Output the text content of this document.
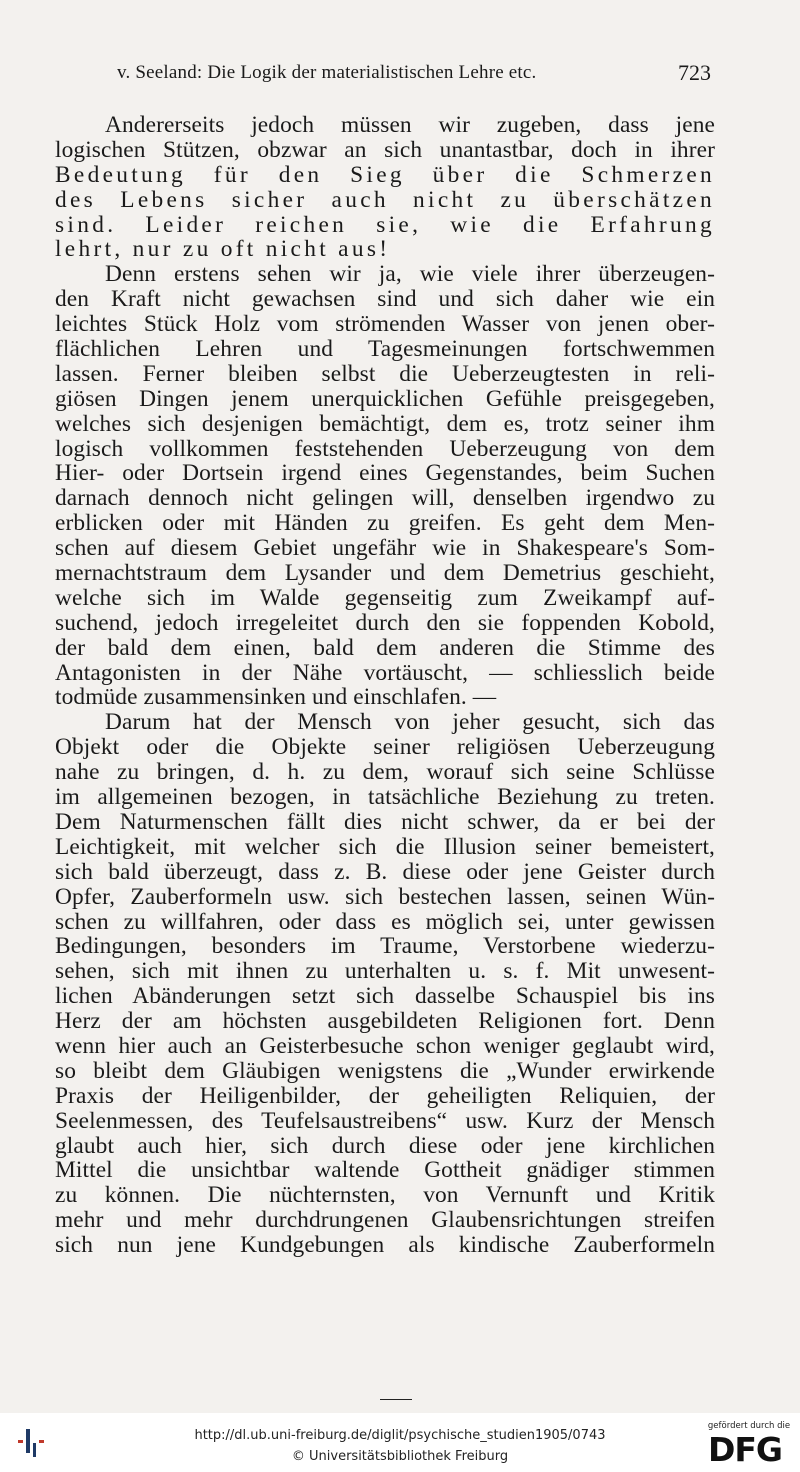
v. Seeland: Die Logik der materialistischen Lehre etc.	723
Andererseits jedoch müssen wir zugeben, dass jene
logischen Stützen, obzwar an sich unantastbar, doch in ihrer
Bedeutung für den Sieg über die Schmerzen
des Lebens sicher auch nicht zu überschätzen
sind. Leider reichen sie, wie die Erfahrung
lehrt, nur zu oft nicht aus!
Denn erstens sehen wir ja, wie viele ihrer überzeugen-
den Kraft nicht gewachsen sind und sich daher wie ein
leichtes Stück Holz vom strömenden Wasser von jenen ober-
flächlichen Lehren und Tagesmeinungen fortschwemmen
lassen. Ferner bleiben selbst die Ueberzeugtesten in reli-
giösen Dingen jenem unerquicklichen Gefühle preisgegeben,
welches sich desjenigen bemächtigt, dem es, trotz seiner ihm
logisch vollkommen feststehenden Ueberzeugung von dem
Hier- oder Dortsein irgend eines Gegenstandes, beim Suchen
darnach dennoch nicht gelingen will, denselben irgendwo zu
erblicken oder mit Händen zu greifen. Es geht dem Men-
schen auf diesem Gebiet ungefähr wie in Shakespeare's Som-
mernachtstraum dem Lysander und dem Demetrius geschieht,
welche sich im Walde gegenseitig zum Zweikampf auf-
suchend, jedoch irregeleitet durch den sie foppenden Kobold,
der bald dem einen, bald dem anderen die Stimme des
Antagonisten in der Nähe vortäuscht, — schliesslich beide
todmüde zusammensinken und einschlafen. —
Darum hat der Mensch von jeher gesucht, sich das
Objekt oder die Objekte seiner religiösen Ueberzeugung
nahe zu bringen, d. h. zu dem, worauf sich seine Schlüsse
im allgemeinen bezogen, in tatsächliche Beziehung zu treten.
Dem Naturmenschen fällt dies nicht schwer, da er bei der
Leichtigkeit, mit welcher sich die Illusion seiner bemeistert,
sich bald überzeugt, dass z. B. diese oder jene Geister durch
Opfer, Zauberformeln usw. sich bestechen lassen, seinen Wün-
schen zu willfahren, oder dass es möglich sei, unter gewissen
Bedingungen, besonders im Traume, Verstorbene wiederzu-
sehen, sich mit ihnen zu unterhalten u. s. f. Mit unwesent-
lichen Abänderungen setzt sich dasselbe Schauspiel bis ins
Herz der am höchsten ausgebildeten Religionen fort. Denn
wenn hier auch an Geisterbesuche schon weniger geglaubt wird,
so bleibt dem Gläubigen wenigstens die „Wunder erwirkende
Praxis der Heiligenbilder, der geheiligten Reliquien, der
Seelenmessen, des Teufelsaustreibens“ usw. Kurz der Mensch
glaubt auch hier, sich durch diese oder jene kirchlichen
Mittel die unsichtbar waltende Gottheit gnädiger stimmen
zu können. Die nüchternsten, von Vernunft und Kritik
mehr und mehr durchdrungenen Glaubensrichtungen streifen
sich nun jene Kundgebungen als kindische Zauberformeln
http://dl.ub.uni-freiburg.de/diglit/psychische_studien1905/0743
© Universitätsbibliothek Freiburg
gefördert durch die
DFG
